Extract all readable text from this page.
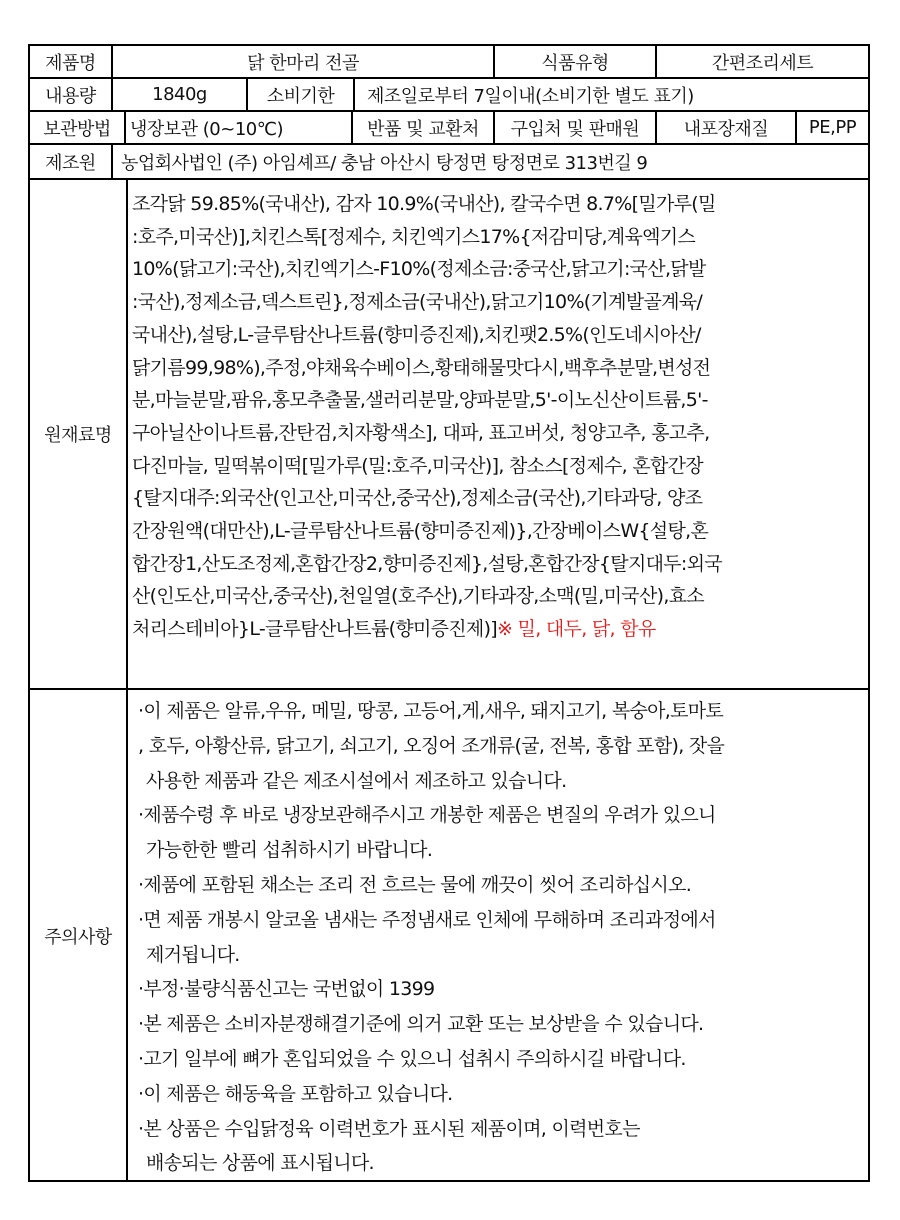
제품명	닭 한마리 전골	식품유형	간편조리세트
내용량	1840g	소비기한	제조일로부터 7일이내(소비기한 별도 표기)
보관방법	냉장보관 (0~10℃)	반품 및 교환처	구입처 및 판매원	내포장재질	PE,PP
제조원	농업회사법인 (주) 아임셰프/ 충남 아산시 탕정면 탕정면로 313번길 9
원재료명
조각닭 59.85%(국내산), 감자 10.9%(국내산), 칼국수면 8.7%[밀가루(밀
:호주,미국산)],치킨스톡[정제수, 치킨엑기스17%{저감미당,계육엑기스
10%(닭고기:국산),치킨엑기스-F10%(정제소금:중국산,닭고기:국산,닭발
:국산),정제소금,덱스트린},정제소금(국내산),닭고기10%(기계발골계육/
국내산),설탕,L-글루탐산나트륨(향미증진제),치킨팻2.5%(인도네시아산/
닭기름99,98%),주정,야채육수베이스,황태해물맛다시,백후추분말,변성전
분,마늘분말,팜유,홍모추출물,샐러리분말,양파분말,5'-이노신산이트륨,5'-
구아닐산이나트륨,잔탄검,치자황색소], 대파, 표고버섯, 청양고추, 홍고추,
다진마늘, 밀떡볶이떡[밀가루(밀:호주,미국산)], 참소스[정제수, 혼합간장
{탈지대주:외국산(인고산,미국산,중국산),정제소금(국산),기타과당, 양조
간장원액(대만산),L-글루탐산나트륨(향미증진제)},간장베이스W{설탕,혼
합간장1,산도조정제,혼합간장2,향미증진제},설탕,혼합간장{탈지대두:외국
산(인도산,미국산,중국산),천일열(호주산),기타과장,소맥(밀,미국산),효소
처리스테비아}L-글루탐산나트륨(향미증진제)]※ 밀, 대두, 닭, 함유
주의사항
·이 제품은 알류,우유, 메밀, 땅콩, 고등어,게,새우, 돼지고기, 복숭아,토마토
, 호두, 아황산류, 닭고기, 쇠고기, 오징어 조개류(굴, 전복, 홍합 포함), 잣을
사용한 제품과 같은 제조시설에서 제조하고 있습니다.
·제품수령 후 바로 냉장보관해주시고 개봉한 제품은 변질의 우려가 있으니
가능한한 빨리 섭취하시기 바랍니다.
·제품에 포함된 채소는 조리 전 흐르는 물에 깨끗이 씻어 조리하십시오.
·면 제품 개봉시 알코올 냄새는 주정냄새로 인체에 무해하며 조리과정에서
제거됩니다.
·부정·불량식품신고는 국번없이 1399
·본 제품은 소비자분쟁해결기준에 의거 교환 또는 보상받을 수 있습니다.
·고기 일부에 뼈가 혼입되었을 수 있으니 섭취시 주의하시길 바랍니다.
·이 제품은 해동육을 포함하고 있습니다.
·본 상품은 수입닭정육 이력번호가 표시된 제품이며, 이력번호는
배송되는 상품에 표시됩니다.
